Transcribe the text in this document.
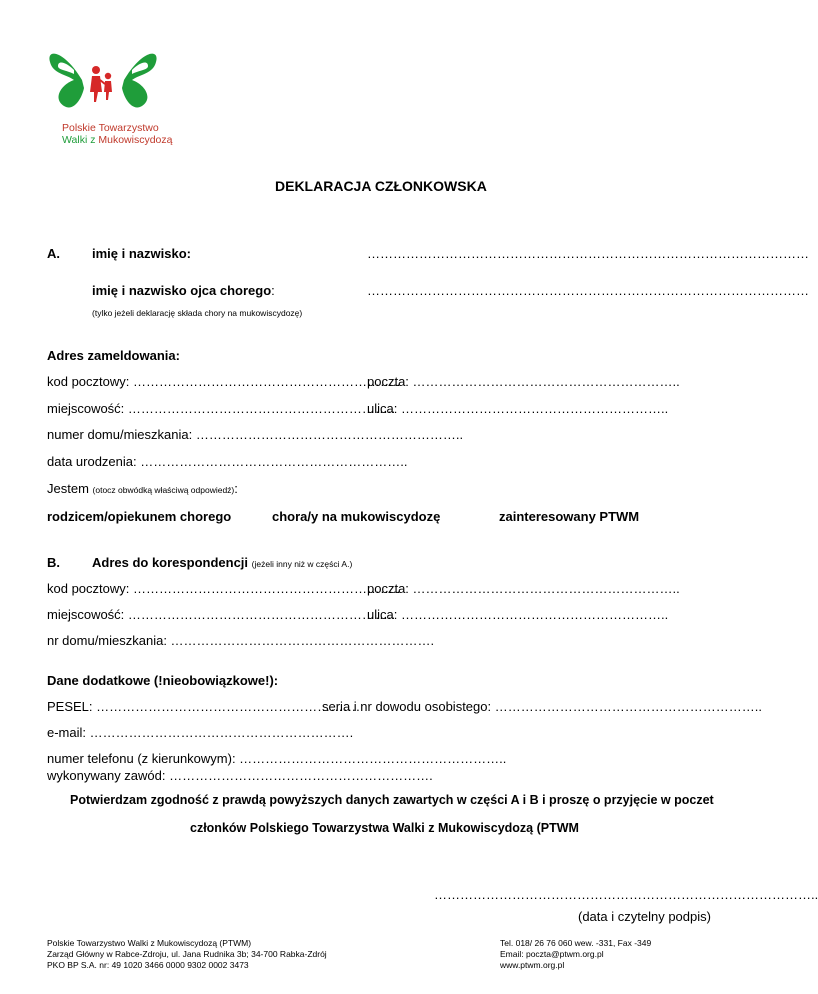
Polskie Towarzystwo
Walki z Mukowiscydozą
DEKLARACJA CZŁONKOWSKA
A. imię i nazwisko:	…………………………………………………………………………………………
imię i nazwisko ojca chorego:	…………………………………………………………………………………………
(tylko jeżeli deklarację składa chory na mukowiscydozę)
Adres zameldowania:
kod pocztowy: ……………………………………………………..
poczta: ……………………………………………………..
miejscowość: ……………………………………………………..
ulica: ……………………………………………………..
numer domu/mieszkania: ……………………………………………………..
data urodzenia: ……………………………………………………..
Jestem (otocz obwódką właściwą odpowiedź):
rodzicem/opiekunem chorego	chora/y na mukowiscydozę	zainteresowany PTWM
B. Adres do korespondencji (jeżeli inny niż w części A.)
kod pocztowy: ……………………………………………………..
poczta: ……………………………………………………..
miejscowość: ……………………………………………………..
ulica: ……………………………………………………..
nr domu/mieszkania: …………………………………………………….
Dane dodatkowe (!nieobowiązkowe!):
PESEL: …………………………………………………….
seria i nr dowodu osobistego: ……………………………………………………..
e-mail: …………………………………………………….
numer telefonu (z kierunkowym): ……………………………………………………..
wykonywany zawód: …………………………………………………….
Potwierdzam zgodność z prawdą powyższych danych zawartych w części A i B i proszę o przyjęcie w poczet
członków Polskiego Towarzystwa Walki z Mukowiscydozą (PTWM
……………………………………………………………………………..
(data i czytelny podpis)
Polskie Towarzystwo Walki z Mukowiscydozą (PTWM)
Zarząd Główny w Rabce-Zdroju, ul. Jana Rudnika 3b; 34-700 Rabka-Zdrój
PKO BP S.A. nr: 49 1020 3466 0000 9302 0002 3473
Tel. 018/ 26 76 060 wew. -331, Fax -349
Email: poczta@ptwm.org.pl
www.ptwm.org.pl
